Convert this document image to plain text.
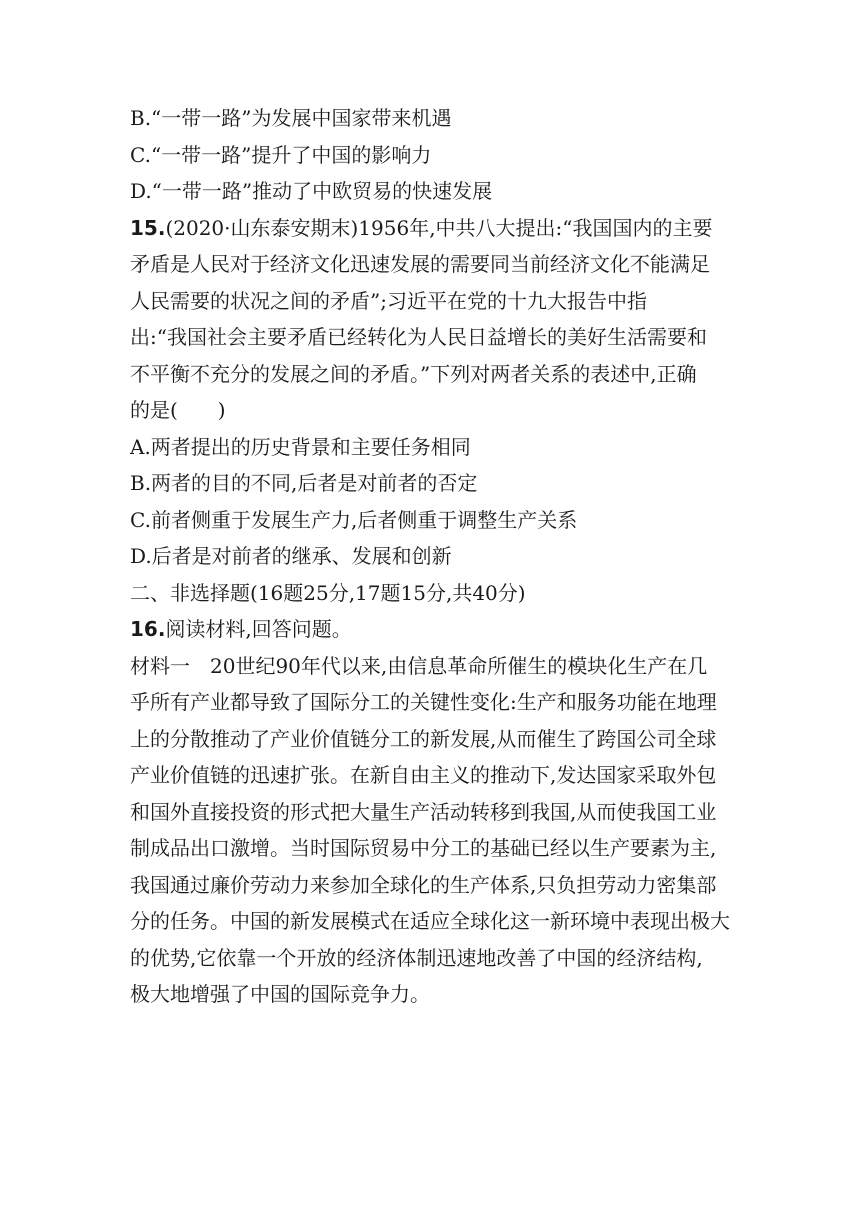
B.“一带一路”为发展中国家带来机遇

C.“一带一路”提升了中国的影响力

D.“一带一路”推动了中欧贸易的快速发展

15.(2020·山东泰安期末)1956年,中共八大提出:“我国国内的主要

矛盾是人民对于经济文化迅速发展的需要同当前经济文化不能满足

人民需要的状况之间的矛盾”;习近平在党的十九大报告中指

出:“我国社会主要矛盾已经转化为人民日益增长的美好生活需要和

不平衡不充分的发展之间的矛盾。”下列对两者关系的表述中,正确

的是(　　)

A.两者提出的历史背景和主要任务相同

B.两者的目的不同,后者是对前者的否定

C.前者侧重于发展生产力,后者侧重于调整生产关系

D.后者是对前者的继承、发展和创新

二、非选择题(16题25分,17题15分,共40分)

16.阅读材料,回答问题。

材料一　20世纪90年代以来,由信息革命所催生的模块化生产在几

乎所有产业都导致了国际分工的关键性变化:生产和服务功能在地理

上的分散推动了产业价值链分工的新发展,从而催生了跨国公司全球

产业价值链的迅速扩张。在新自由主义的推动下,发达国家采取外包

和国外直接投资的形式把大量生产活动转移到我国,从而使我国工业

制成品出口激增。当时国际贸易中分工的基础已经以生产要素为主,

我国通过廉价劳动力来参加全球化的生产体系,只负担劳动力密集部

分的任务。中国的新发展模式在适应全球化这一新环境中表现出极大

的优势,它依靠一个开放的经济体制迅速地改善了中国的经济结构,

极大地增强了中国的国际竞争力。
